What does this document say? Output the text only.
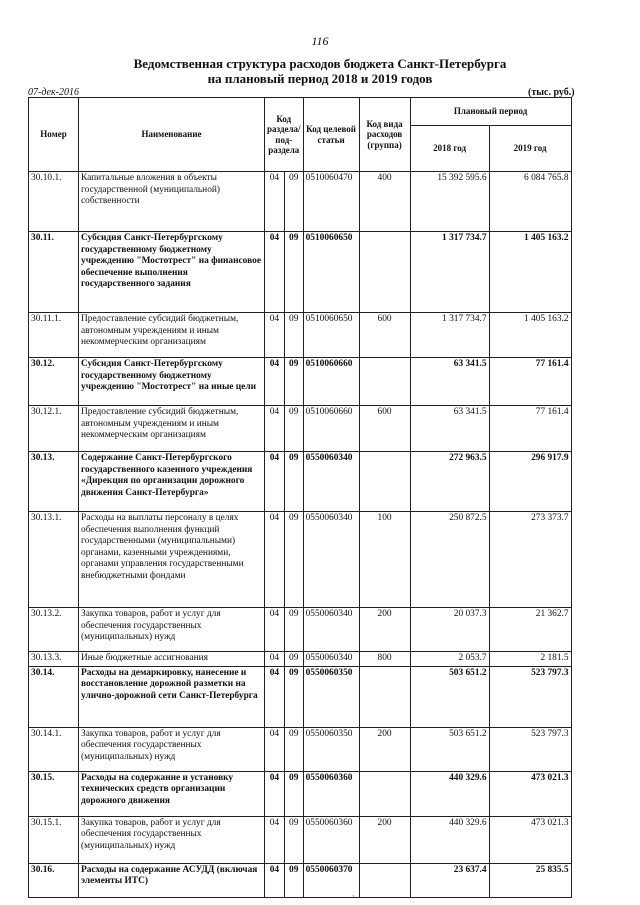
116
Ведомственная структура расходов бюджета Санкт-Петербурга
на плановый период 2018 и 2019 годов
07-дек-2016	(тыс. руб.)
Номер	Наименование	Код раздела/ под- раздела		Код целевой статьи	Код вида расходов (группа)	Плановый период	
						2018 год	2019 год
30.10.1.	Капитальные вложения в объекты государственной (муниципальной) собственности	04	09	0510060470	400	15 392 595.6	6 084 765.8
30.11.	Субсидия Санкт-Петербургскому государственному бюджетному учреждению "Мостотрест" на финансовое обеспечение выполнения государственного задания	04	09	0510060650		1 317 734.7	1 405 163.2
30.11.1.	Предоставление субсидий бюджетным, автономным учреждениям и иным некоммерческим организациям	04	09	0510060650	600	1 317 734.7	1 405 163.2
30.12.	Субсидия Санкт-Петербургскому государственному бюджетному учреждению "Мостотрест" на иные цели	04	09	0510060660		63 341.5	77 161.4
30.12.1.	Предоставление субсидий бюджетным, автономным учреждениям и иным некоммерческим организациям	04	09	0510060660	600	63 341.5	77 161.4
30.13.	Содержание Санкт-Петербургского государственного казенного учреждения «Дирекция по организации дорожного движения Санкт-Петербурга»	04	09	0550060340		272 963.5	296 917.9
30.13.1.	Расходы на выплаты персоналу в целях обеспечения выполнения функций государственными (муниципальными) органами, казенными учреждениями, органами управления государственными внебюджетными фондами	04	09	0550060340	100	250 872.5	273 373.7
30.13.2.	Закупка товаров, работ и услуг для обеспечения государственных (муниципальных) нужд	04	09	0550060340	200	20 037.3	21 362.7
30.13.3.	Иные бюджетные ассигнования	04	09	0550060340	800	2 053.7	2 181.5
30.14.	Расходы на демаркировку, нанесение и восстановление дорожной разметки на улично-дорожной сети Санкт-Петербурга	04	09	0550060350		503 651.2	523 797.3
30.14.1.	Закупка товаров, работ и услуг для обеспечения государственных (муниципальных) нужд	04	09	0550060350	200	503 651.2	523 797.3
30.15.	Расходы на содержание и установку технических средств организации дорожного движения	04	09	0550060360		440 329.6	473 021.3
30.15.1.	Закупка товаров, работ и услуг для обеспечения государственных (муниципальных) нужд	04	09	0550060360	200	440 329.6	473 021.3
30.16.	Расходы на содержание АСУДД (включая элементы ИТС)	04	09	0550060370		23 637.4	25 835.5
·
